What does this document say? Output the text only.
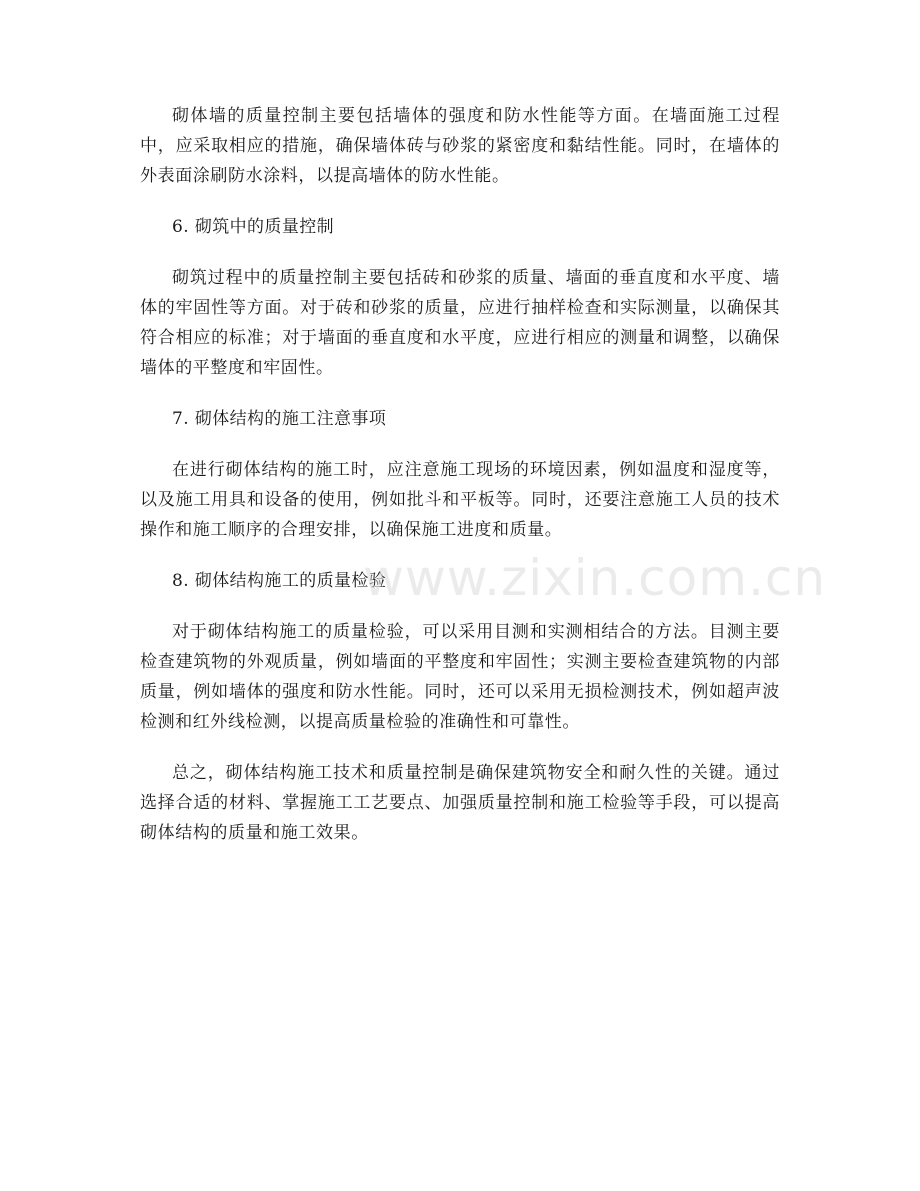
砌体墙的质量控制主要包括墙体的强度和防水性能等方面。在墙面施工过程中，应采取相应的措施，确保墙体砖与砂浆的紧密度和黏结性能。同时，在墙体的外表面涂刷防水涂料，以提高墙体的防水性能。

6. 砌筑中的质量控制

砌筑过程中的质量控制主要包括砖和砂浆的质量、墙面的垂直度和水平度、墙体的牢固性等方面。对于砖和砂浆的质量，应进行抽样检查和实际测量，以确保其符合相应的标准；对于墙面的垂直度和水平度，应进行相应的测量和调整，以确保墙体的平整度和牢固性。

7. 砌体结构的施工注意事项

在进行砌体结构的施工时，应注意施工现场的环境因素，例如温度和湿度等，以及施工用具和设备的使用，例如批斗和平板等。同时，还要注意施工人员的技术操作和施工顺序的合理安排，以确保施工进度和质量。

8. 砌体结构施工的质量检验

对于砌体结构施工的质量检验，可以采用目测和实测相结合的方法。目测主要检查建筑物的外观质量，例如墙面的平整度和牢固性；实测主要检查建筑物的内部质量，例如墙体的强度和防水性能。同时，还可以采用无损检测技术，例如超声波检测和红外线检测，以提高质量检验的准确性和可靠性。

总之，砌体结构施工技术和质量控制是确保建筑物安全和耐久性的关键。通过选择合适的材料、掌握施工工艺要点、加强质量控制和施工检验等手段，可以提高砌体结构的质量和施工效果。

www.zixin.com.cn
